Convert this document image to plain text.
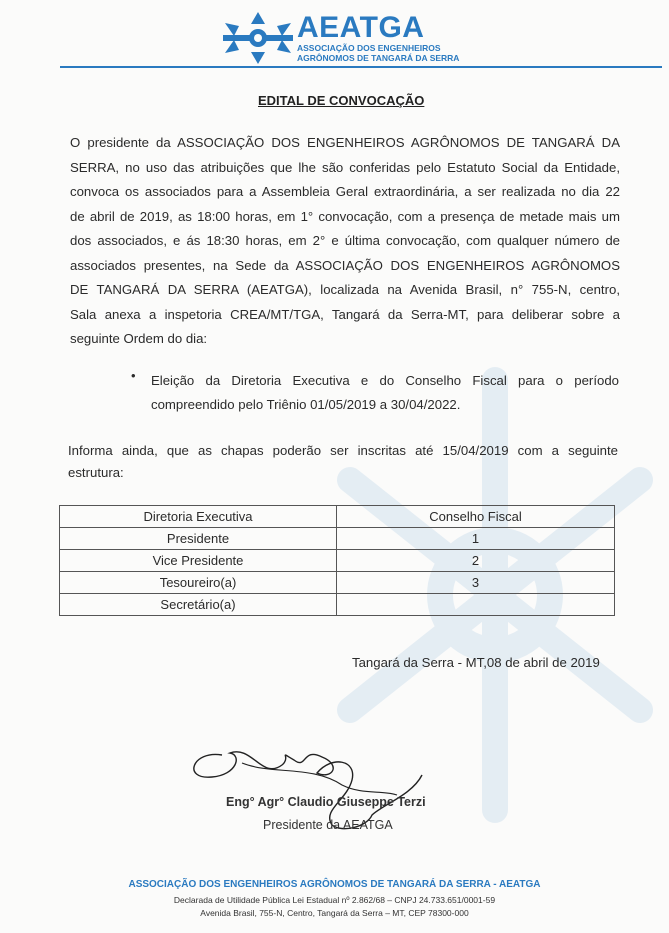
AEATGA
ASSOCIAÇÃO DOS ENGENHEIROS
AGRÔNOMOS DE TANGARÁ DA SERRA
EDITAL DE CONVOCAÇÃO
O presidente da ASSOCIAÇÃO DOS ENGENHEIROS AGRÔNOMOS DE TANGARÁ DA
SERRA, no uso das atribuições que lhe são conferidas pelo Estatuto Social da Entidade,
convoca os associados para a Assembleia Geral extraordinária, a ser realizada no dia 22
de abril de 2019, as 18:00 horas, em 1° convocação, com a presença de metade mais um
dos associados, e ás 18:30 horas, em 2° e última convocação, com qualquer número de
associados presentes, na Sede da ASSOCIAÇÃO DOS ENGENHEIROS AGRÔNOMOS
DE TANGARÁ DA SERRA (AEATGA), localizada na Avenida Brasil, n° 755-N, centro,
Sala anexa a inspetoria CREA/MT/TGA, Tangará da Serra-MT, para deliberar sobre a
seguinte Ordem do dia:
• Eleição da Diretoria Executiva e do Conselho Fiscal para o período
compreendido pelo Triênio 01/05/2019 a 30/04/2022.
Informa ainda, que as chapas poderão ser inscritas até 15/04/2019 com a seguinte
estrutura:
Diretoria Executiva	Conselho Fiscal
Presidente	1
Vice Presidente	2
Tesoureiro(a)	3
Secretário(a)	
Tangará da Serra - MT,08 de abril de 2019
Eng° Agr° Claudio Giuseppe Terzi
Presidente da AEATGA
ASSOCIAÇÃO DOS ENGENHEIROS AGRÔNOMOS DE TANGARÁ DA SERRA - AEATGA
Declarada de Utilidade Pública Lei Estadual nº 2.862/68 – CNPJ 24.733.651/0001-59
Avenida Brasil, 755-N, Centro, Tangará da Serra – MT, CEP 78300-000
